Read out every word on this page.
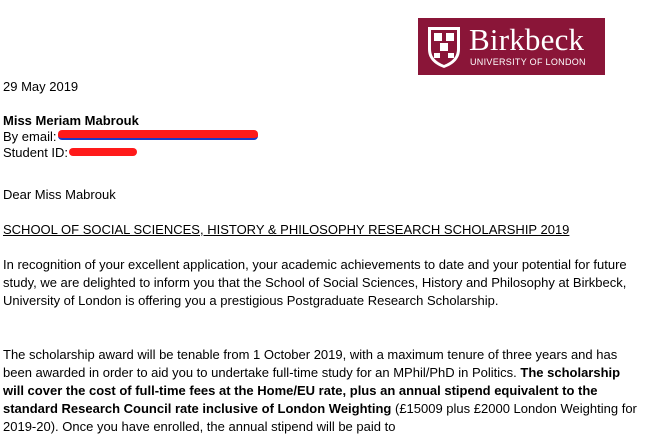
Birkbeck
UNIVERSITY OF LONDON
29 May 2019
Miss Meriam Mabrouk
By email:
Student ID:
Dear Miss Mabrouk
SCHOOL OF SOCIAL SCIENCES, HISTORY & PHILOSOPHY RESEARCH SCHOLARSHIP 2019

In recognition of your excellent application, your academic achievements to date and your potential for future study, we are delighted to inform you that the School of Social Sciences, History and Philosophy at Birkbeck, University of London is offering you a prestigious Postgraduate Research Scholarship.

The scholarship award will be tenable from 1 October 2019, with a maximum tenure of three years and has been awarded in order to aid you to undertake full-time study for an MPhil/PhD in Politics. The scholarship will cover the cost of full-time fees at the Home/EU rate, plus an annual stipend equivalent to the standard Research Council rate inclusive of London Weighting (£15009 plus £2000 London Weighting for 2019-20). Once you have enrolled, the annual stipend will be paid to
